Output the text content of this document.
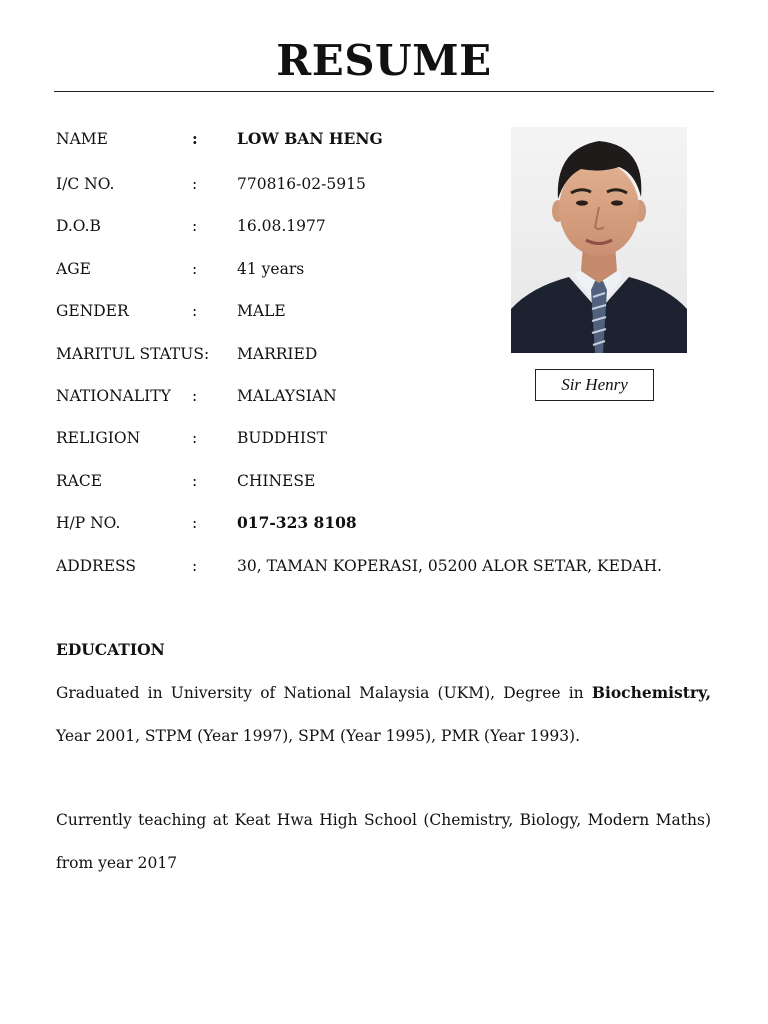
RESUME
NAME	:	LOW BAN HENG
I/C NO.	:	770816-02-5915
D.O.B	:	16.08.1977
AGE	:	41 years
GENDER	:	MALE
MARITUL STATUS: MARRIED
NATIONALITY :	MALAYSIAN
RELIGION	:	BUDDHIST
RACE	:	CHINESE
H/P NO.	:	017-323 8108
ADDRESS	:	30, TAMAN KOPERASI, 05200 ALOR SETAR, KEDAH.
Sir Henry
EDUCATION
Graduated in University of National Malaysia (UKM), Degree in Biochemistry, Year 2001, STPM (Year 1997), SPM (Year 1995), PMR (Year 1993).
Currently teaching at Keat Hwa High School (Chemistry, Biology, Modern Maths) from year 2017
